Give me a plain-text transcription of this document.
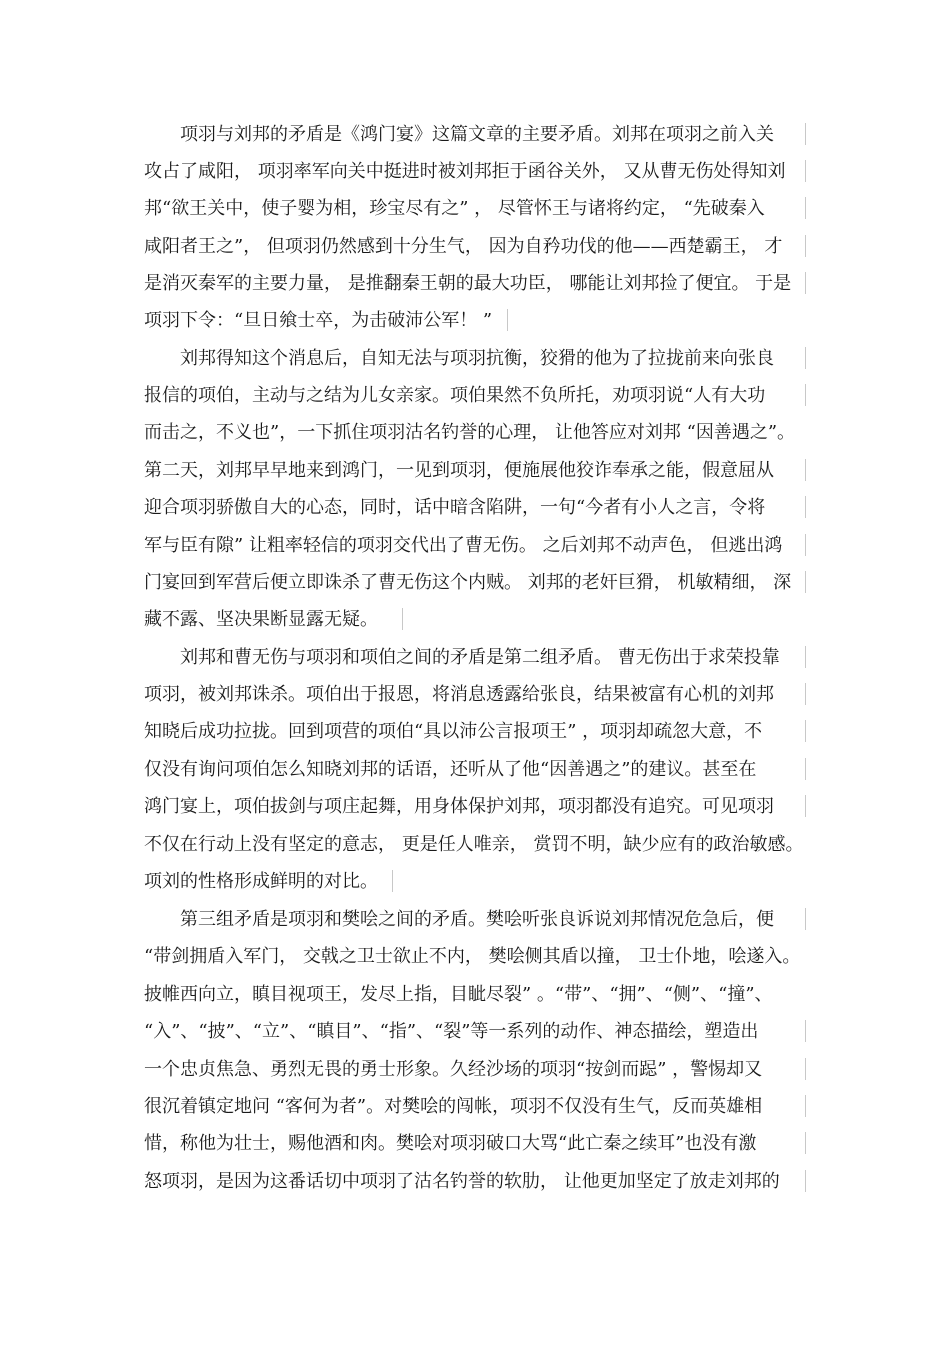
项羽与刘邦的矛盾是《鸿门宴》这篇文章的主要矛盾。刘邦在项羽之前入关
攻占了咸阳， 项羽率军向关中挺进时被刘邦拒于函谷关外， 又从曹无伤处得知刘
邦“欲王关中，使子婴为相，珍宝尽有之” ， 尽管怀王与诸将约定， “先破秦入
咸阳者王之”， 但项羽仍然感到十分生气， 因为自矜功伐的他——西楚霸王， 才
是消灭秦军的主要力量， 是推翻秦王朝的最大功臣， 哪能让刘邦捡了便宜。 于是
项羽下令：“旦日飨士卒，为击破沛公军！ ”
刘邦得知这个消息后，自知无法与项羽抗衡，狡猾的他为了拉拢前来向张良
报信的项伯，主动与之结为儿女亲家。项伯果然不负所托，劝项羽说“人有大功
而击之，不义也”，一下抓住项羽沽名钓誉的心理， 让他答应对刘邦 “因善遇之”。
第二天，刘邦早早地来到鸿门，一见到项羽，便施展他狡诈奉承之能，假意屈从
迎合项羽骄傲自大的心态，同时，话中暗含陷阱，一句“今者有小人之言，令将
军与臣有隙” 让粗率轻信的项羽交代出了曹无伤。 之后刘邦不动声色， 但逃出鸿
门宴回到军营后便立即诛杀了曹无伤这个内贼。 刘邦的老奸巨猾， 机敏精细， 深
藏不露、坚决果断显露无疑。
刘邦和曹无伤与项羽和项伯之间的矛盾是第二组矛盾。 曹无伤出于求荣投靠
项羽，被刘邦诛杀。项伯出于报恩，将消息透露给张良，结果被富有心机的刘邦
知晓后成功拉拢。回到项营的项伯“具以沛公言报项王” ，项羽却疏忽大意，不
仅没有询问项伯怎么知晓刘邦的话语，还听从了他“因善遇之”的建议。甚至在
鸿门宴上，项伯拔剑与项庄起舞，用身体保护刘邦，项羽都没有追究。可见项羽
不仅在行动上没有坚定的意志， 更是任人唯亲， 赏罚不明，缺少应有的政治敏感。
项刘的性格形成鲜明的对比。
第三组矛盾是项羽和樊哙之间的矛盾。樊哙听张良诉说刘邦情况危急后，便
“带剑拥盾入军门， 交戟之卫士欲止不内， 樊哙侧其盾以撞， 卫士仆地，哙遂入。
披帷西向立，瞋目视项王，发尽上指，目眦尽裂” 。“带”、“拥”、“侧”、“撞”、
“入”、“披”、“立”、“瞋目”、“指”、“裂”等一系列的动作、神态描绘，塑造出
一个忠贞焦急、勇烈无畏的勇士形象。久经沙场的项羽“按剑而跽” ，警惕却又
很沉着镇定地问 “客何为者”。对樊哙的闯帐，项羽不仅没有生气，反而英雄相
惜，称他为壮士，赐他酒和肉。樊哙对项羽破口大骂“此亡秦之续耳”也没有激
怒项羽，是因为这番话切中项羽了沽名钓誉的软肋， 让他更加坚定了放走刘邦的
